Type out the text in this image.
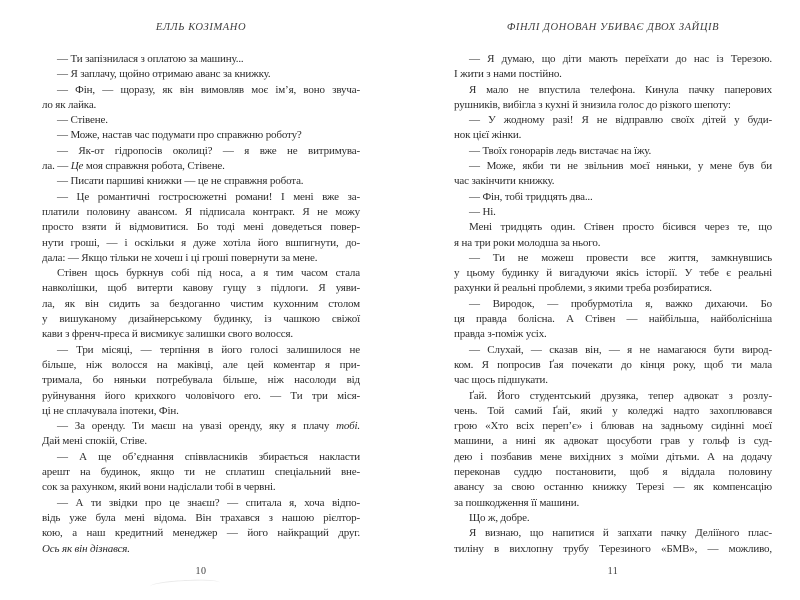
ЕЛЛЬ КОЗІМАНО
— Ти запізнилася з оплатою за машину...
— Я заплачу, щойно отримаю аванс за книжку.
— Фін, — щоразу, як він вимовляв моє ім’я, воно звуча-
ло як лайка.
— Стівене.
— Може, настав час подумати про справжню роботу?
— Як-от гідропосів околиці? — я вже не витримува-
ла. — Це моя справжня робота, Стівене.
— Писати паршиві книжки — це не справжня робота.
— Це романтичні гостросюжетні романи! І мені вже за-
платили половину авансом. Я підписала контракт. Я не можу
просто взяти й відмовитися. Бо тоді мені доведеться повер-
нути гроші, — і оскільки я дуже хотіла його вшпигнути, до-
дала: — Якщо тільки не хочеш і ці гроші повернути за мене.
Стівен щось буркнув собі під носа, а я тим часом стала
навколішки, щоб витерти кавову гущу з підлоги. Я уяви-
ла, як він сидить за бездоганно чистим кухонним столом
у вишуканому дизайнерському будинку, із чашкою свіжої
кави з френч-преса й висмикує залишки свого волосся.
— Три місяці, — терпіння в його голосі залишилося не
більше, ніж волосся на маківці, але цей коментар я при-
тримала, бо няньки потребувала більше, ніж насолоди від
руйнування його крихкого чоловічого его. — Ти три міся-
ці не сплачувала іпотеки, Фін.
— За оренду. Ти маєш на увазі оренду, яку я плачу тобі.
Дай мені спокій, Стіве.
— А ще об’єднання співвласників збирається накласти
арешт на будинок, якщо ти не сплатиш спеціальний вне-
сок за рахунком, який вони надіслали тобі в червні.
— А ти звідки про це знаєш? — спитала я, хоча відпо-
відь уже була мені відома. Він трахався з нашою рієлтор-
кою, а наш кредитний менеджер — його найкращий друг.
Ось як він дізнався.
10
ФІНЛІ ДОНОВАН УБИВАЄ ДВОХ ЗАЙЦІВ
— Я думаю, що діти мають переїхати до нас із Терезою.
І жити з нами постійно.
Я мало не впустила телефона. Кинула пачку паперових
рушників, вибігла з кухні й знизила голос до різкого шепоту:
— У жодному разі! Я не відправлю своїх дітей у буди-
нок цієї жінки.
— Твоїх гонорарів ледь вистачає на їжу.
— Може, якби ти не звільнив моєї няньки, у мене був би
час закінчити книжку.
— Фін, тобі тридцять два...
— Ні.
Мені тридцять один. Стівен просто бісився через те, що
я на три роки молодша за нього.
— Ти не можеш провести все життя, замкнувшись
у цьому будинку й вигадуючи якісь історії. У тебе є реальні
рахунки й реальні проблеми, з якими треба розбиратися.
— Виродок, — пробурмотіла я, важко дихаючи. Бо
ця правда болісна. А Стівен — найбільша, найболісніша
правда з-поміж усіх.
— Слухай, — сказав він, — я не намагаюся бути вирод-
ком. Я попросив Ґая почекати до кінця року, щоб ти мала
час щось підшукати.
Ґай. Його студентський друзяка, тепер адвокат з розлу-
чень. Той самий Ґай, який у коледжі надто захоплювався
грою «Хто всіх переп’є» і блював на задньому сидінні моєї
машини, а нині як адвокат щосуботи грав у гольф із суд-
дею і позбавив мене вихідних з моїми дітьми. А на додачу
переконав суддю постановити, щоб я віддала половину
авансу за свою останню книжку Терезі — як компенсацію
за пошкодження її машини.
Що ж, добре.
Я визнаю, що напитися й запхати пачку Деліїного плас-
тиліну в вихлопну трубу Терезиного «БМВ», — можливо,
11
